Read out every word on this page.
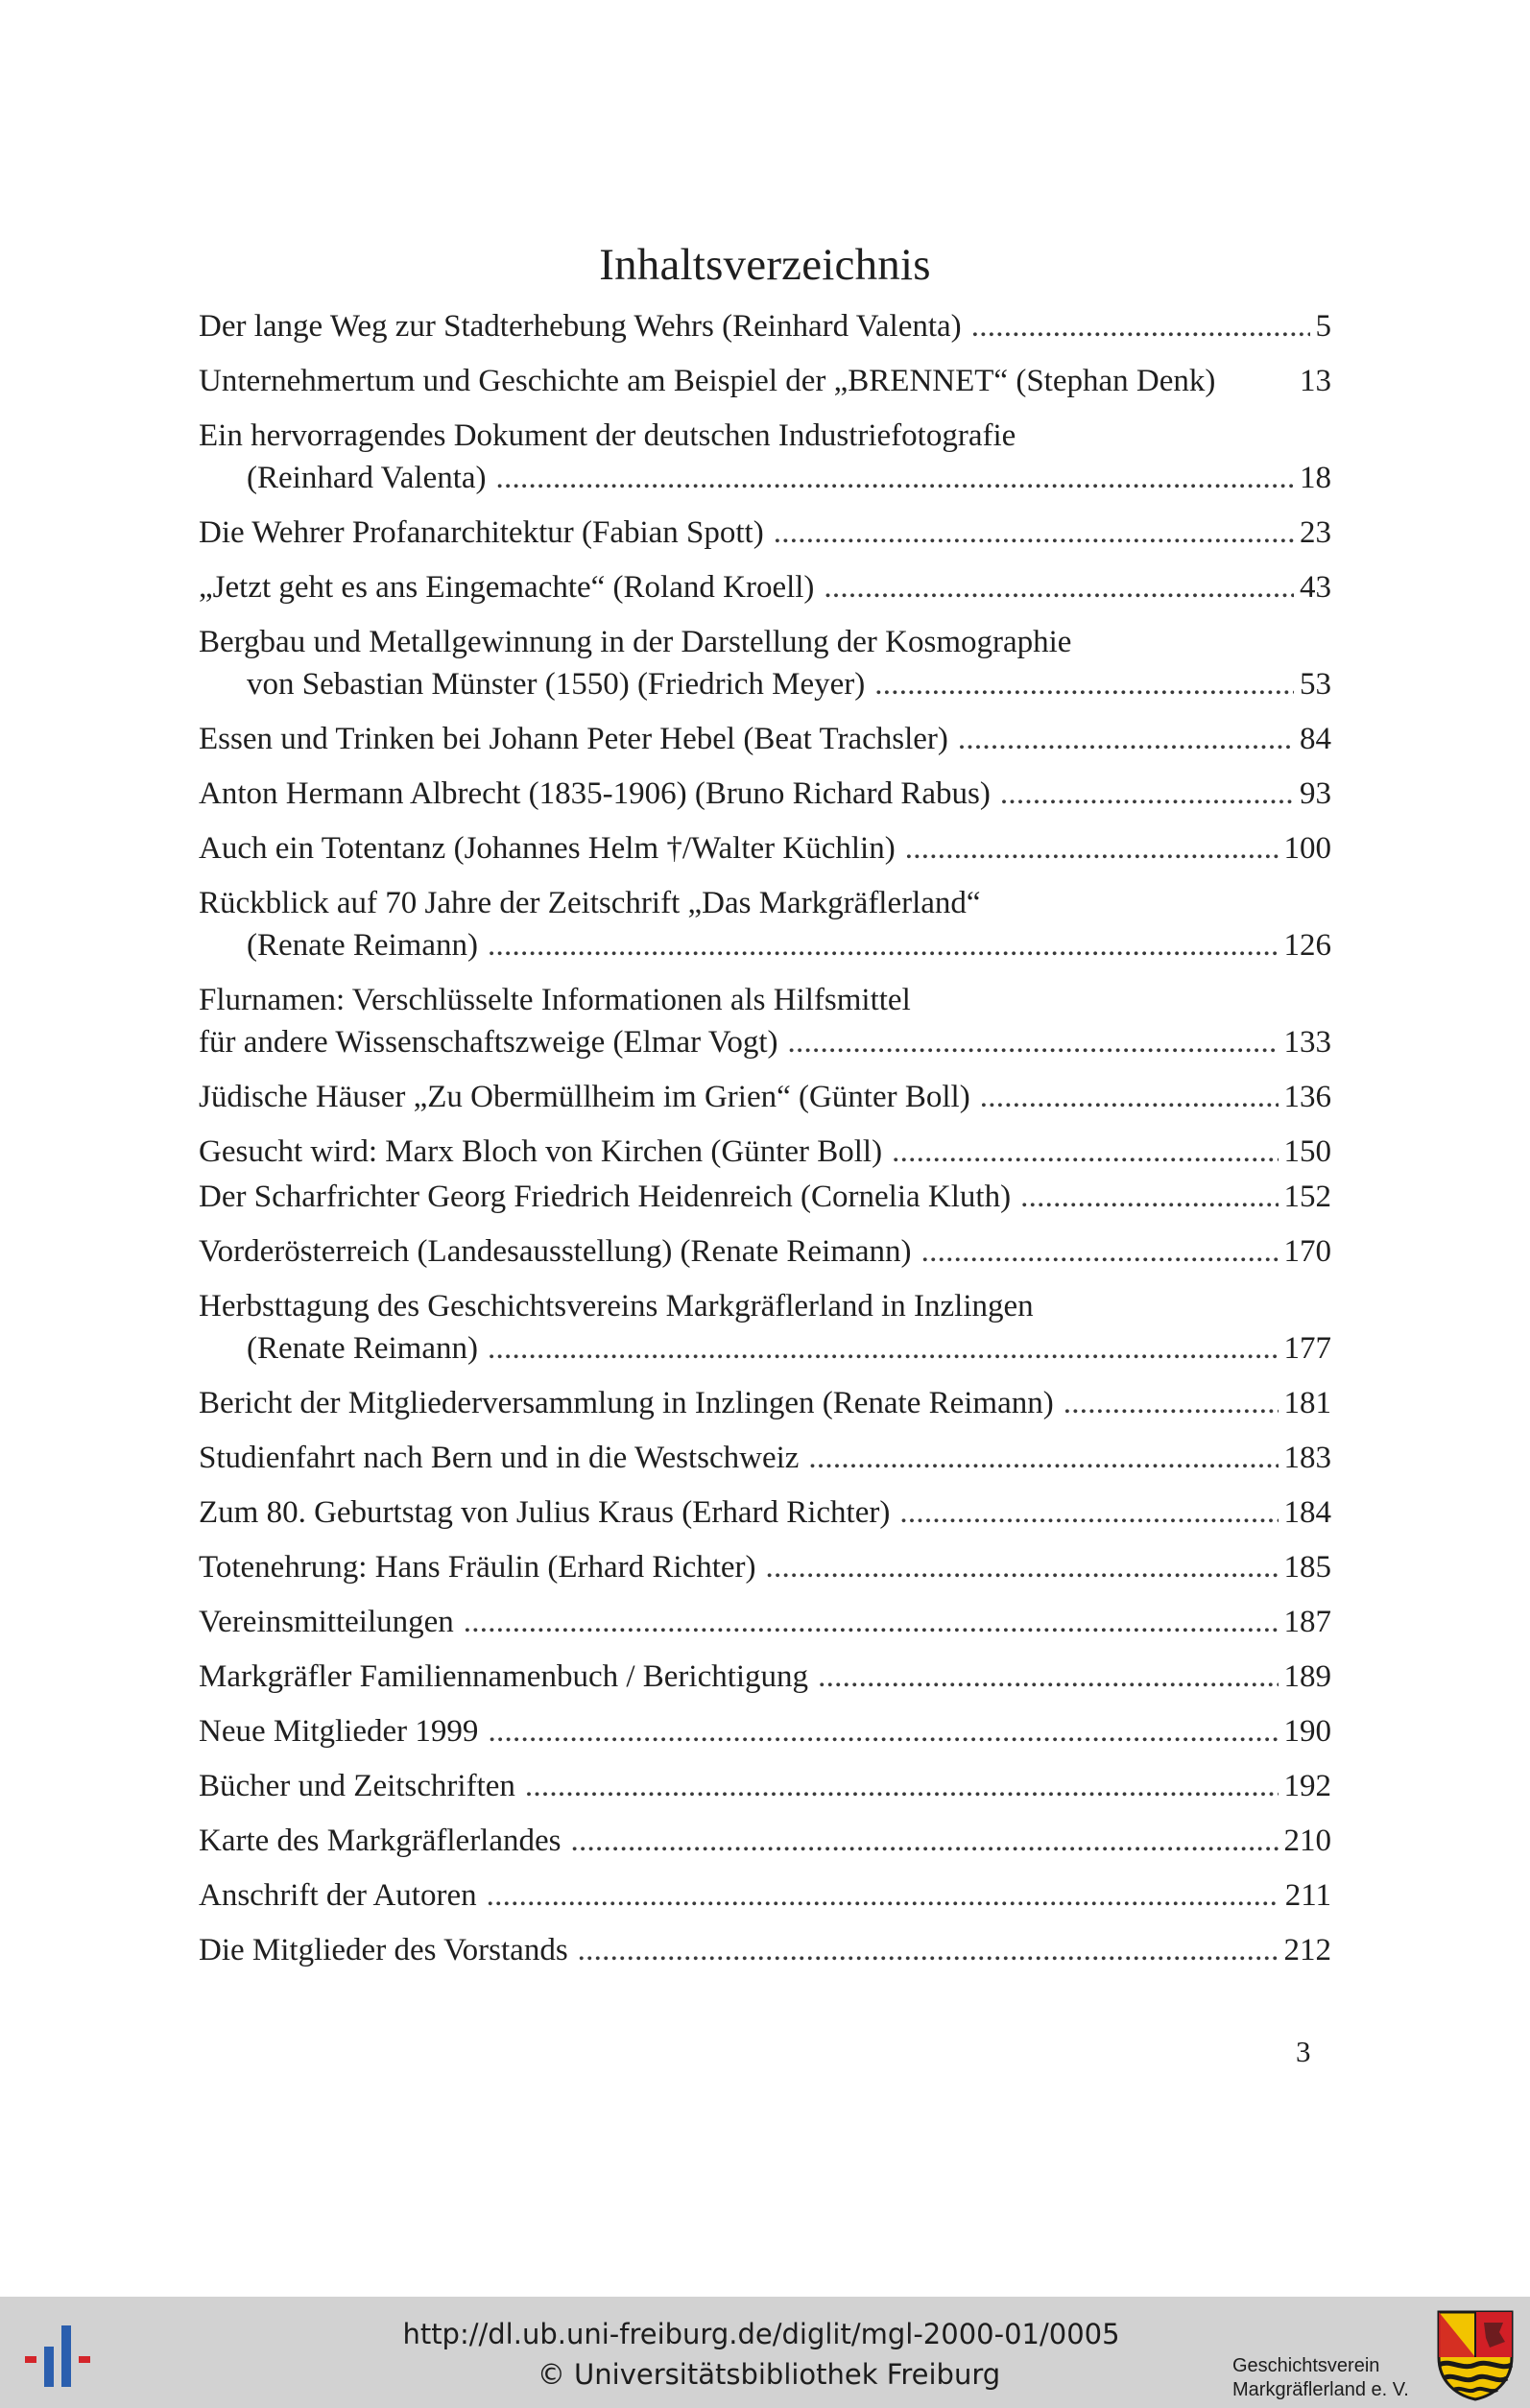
Inhaltsverzeichnis
Der lange Weg zur Stadterhebung Wehrs (Reinhard Valenta) . . .	5
Unternehmertum und Geschichte am Beispiel der „BRENNET“ (Stephan Denk)	13
Ein hervorragendes Dokument der deutschen Industriefotografie
(Reinhard Valenta) . . .	18
Die Wehrer Profanarchitektur (Fabian Spott) . . .	23
„Jetzt geht es ans Eingemachte“ (Roland Kroell) . . .	43
Bergbau und Metallgewinnung in der Darstellung der Kosmographie
von Sebastian Münster (1550) (Friedrich Meyer) . . .	53
Essen und Trinken bei Johann Peter Hebel (Beat Trachsler) . . .	84
Anton Hermann Albrecht (1835-1906) (Bruno Richard Rabus) . . .	93
Auch ein Totentanz (Johannes Helm †/Walter Küchlin) . . .	100
Rückblick auf 70 Jahre der Zeitschrift „Das Markgräflerland“
(Renate Reimann) . . .	126
Flurnamen: Verschlüsselte Informationen als Hilfsmittel
für andere Wissenschaftszweige (Elmar Vogt) . . .	133
Jüdische Häuser „Zu Obermüllheim im Grien“ (Günter Boll) . . .	136
Gesucht wird: Marx Bloch von Kirchen (Günter Boll) . . .	150
Der Scharfrichter Georg Friedrich Heidenreich (Cornelia Kluth) . . .	152
Vorderösterreich (Landesausstellung) (Renate Reimann) . . .	170
Herbsttagung des Geschichtsvereins Markgräflerland in Inzlingen
(Renate Reimann) . . .	177
Bericht der Mitgliederversammlung in Inzlingen (Renate Reimann) . . .	181
Studienfahrt nach Bern und in die Westschweiz . . .	183
Zum 80. Geburtstag von Julius Kraus (Erhard Richter) . . .	184
Totenehrung: Hans Fräulin (Erhard Richter) . . .	185
Vereinsmitteilungen . . .	187
Markgräfler Familiennamenbuch / Berichtigung . . .	189
Neue Mitglieder 1999 . . .	190
Bücher und Zeitschriften . . .	192
Karte des Markgräflerlandes . . .	210
Anschrift der Autoren . . .	211
Die Mitglieder des Vorstands . . .	212
3
http://dl.ub.uni-freiburg.de/diglit/mgl-2000-01/0005
© Universitätsbibliothek Freiburg	Geschichtsverein
Markgräflerland e. V.
